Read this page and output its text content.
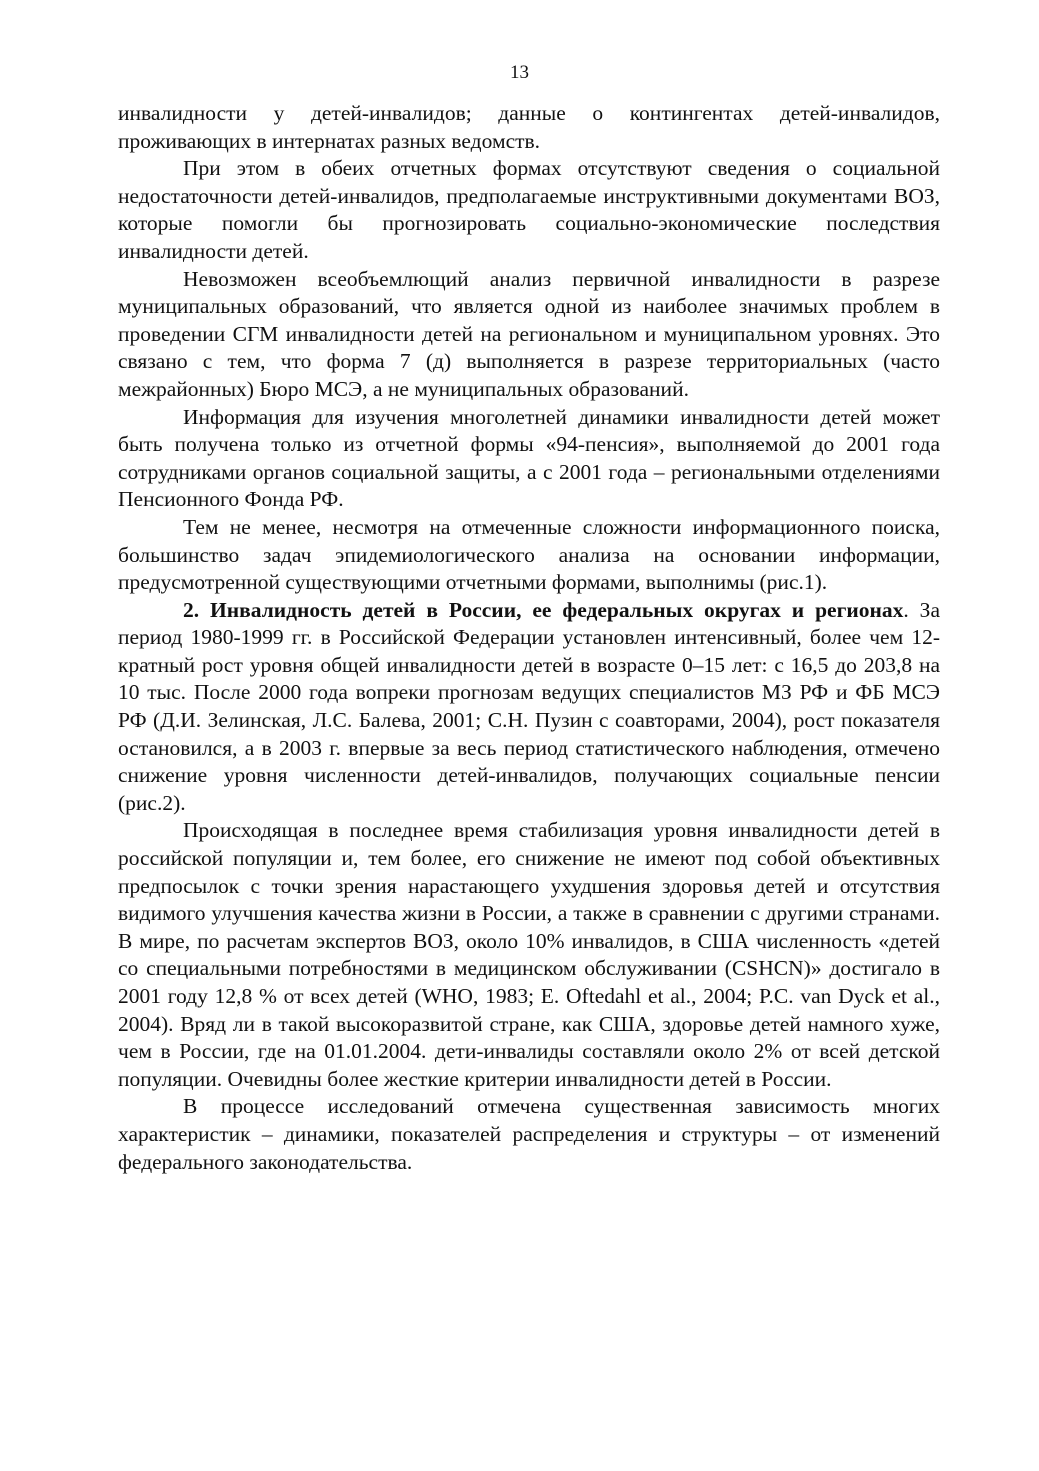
13

инвалидности у детей-инвалидов; данные о контингентах детей-инвалидов, проживающих в интернатах разных ведомств.

При этом в обеих отчетных формах отсутствуют сведения о социальной недостаточности детей-инвалидов, предполагаемые инструктивными документами ВОЗ, которые помогли бы прогнозировать социально-экономические последствия инвалидности детей.

Невозможен всеобъемлющий анализ первичной инвалидности в разрезе муниципальных образований, что является одной из наиболее значимых проблем в проведении СГМ инвалидности детей на региональном и муниципальном уровнях. Это связано с тем, что форма 7 (д) выполняется в разрезе территориальных (часто межрайонных) Бюро МСЭ, а не муниципальных образований.

Информация для изучения многолетней динамики инвалидности детей может быть получена только из отчетной формы «94-пенсия», выполняемой до 2001 года сотрудниками органов социальной защиты, а с 2001 года – региональными отделениями Пенсионного Фонда РФ.

Тем не менее, несмотря на отмеченные сложности информационного поиска, большинство задач эпидемиологического анализа на основании информации, предусмотренной существующими отчетными формами, выполнимы (рис.1).

2. Инвалидность детей в России, ее федеральных округах и регионах. За период 1980-1999 гг. в Российской Федерации установлен интенсивный, более чем 12-кратный рост уровня общей инвалидности детей в возрасте 0–15 лет: с 16,5 до 203,8 на 10 тыс. После 2000 года вопреки прогнозам ведущих специалистов МЗ РФ и ФБ МСЭ РФ (Д.И. Зелинская, Л.С. Балева, 2001; С.Н. Пузин с соавторами, 2004), рост показателя остановился, а в 2003 г. впервые за весь период статистического наблюдения, отмечено снижение уровня численности детей-инвалидов, получающих социальные пенсии (рис.2).

Происходящая в последнее время стабилизация уровня инвалидности детей в российской популяции и, тем более, его снижение не имеют под собой объективных предпосылок с точки зрения нарастающего ухудшения здоровья детей и отсутствия видимого улучшения качества жизни в России, а также в сравнении с другими странами. В мире, по расчетам экспертов ВОЗ, около 10% инвалидов, в США численность «детей со специальными потребностями в медицинском обслуживании (CSHCN)» достигало в 2001 году 12,8 % от всех детей (WHO, 1983; E. Oftedahl et al., 2004; P.C. van Dyck et al., 2004). Вряд ли в такой высокоразвитой стране, как США, здоровье детей намного хуже, чем в России, где на 01.01.2004. дети-инвалиды составляли около 2% от всей детской популяции. Очевидны более жесткие критерии инвалидности детей в России.

В процессе исследований отмечена существенная зависимость многих характеристик – динамики, показателей распределения и структуры – от изменений федерального законодательства.
